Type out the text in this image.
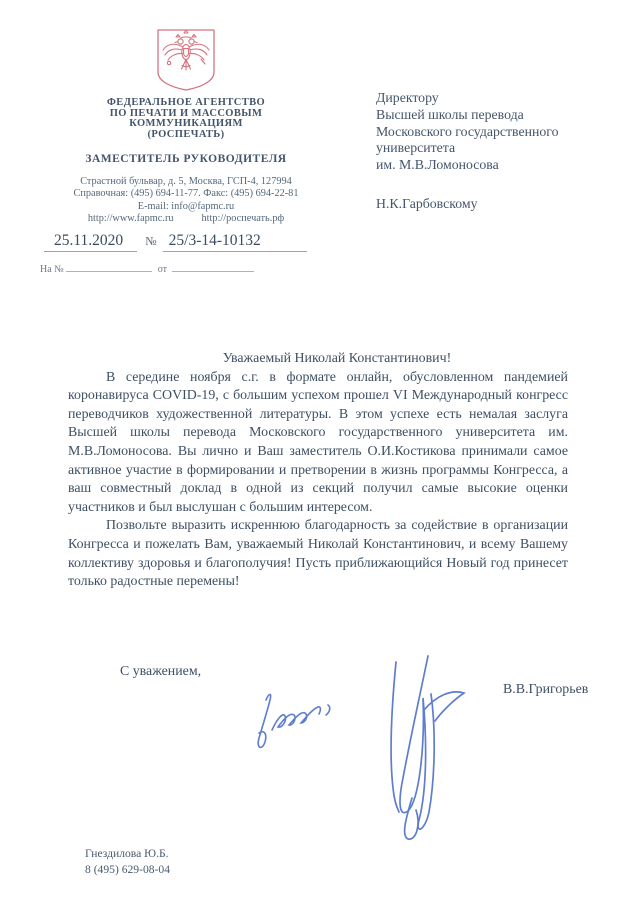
ФЕДЕРАЛЬНОЕ АГЕНТСТВО
ПО ПЕЧАТИ И МАССОВЫМ
КОММУНИКАЦИЯМ
(РОСПЕЧАТЬ)
ЗАМЕСТИТЕЛЬ РУКОВОДИТЕЛЯ
Страстной бульвар, д. 5, Москва, ГСП-4, 127994
Справочная: (495) 694-11-77. Факс: (495) 694-22-81
E-mail: info@fapmc.ru
http://www.fapmc.ru	http://роспечать.рф
25.11.2020	№ 25/3-14-10132
На №	от
Директору
Высшей школы перевода
Московского государственного
университета
им. М.В.Ломоносова
Н.К.Гарбовскому

Уважаемый Николай Константинович!

В середине ноября с.г. в формате онлайн, обусловленном пандемией коронавируса COVID-19, с большим успехом прошел VI Международный конгресс переводчиков художественной литературы. В этом успехе есть немалая заслуга Высшей школы перевода Московского государственного университета им. М.В.Ломоносова. Вы лично и Ваш заместитель О.И.Костикова принимали самое активное участие в формировании и претворении в жизнь программы Конгресса, а ваш совместный доклад в одной из секций получил самые высокие оценки участников и был выслушан с большим интересом.

Позвольте выразить искреннюю благодарность за содействие в организации Конгресса и пожелать Вам, уважаемый Николай Константинович, и всему Вашему коллективу здоровья и благополучия! Пусть приближающийся Новый год принесет только радостные перемены!

С уважением,
В.В.Григорьев
Гнездилова Ю.Б.
8 (495) 629-08-04
